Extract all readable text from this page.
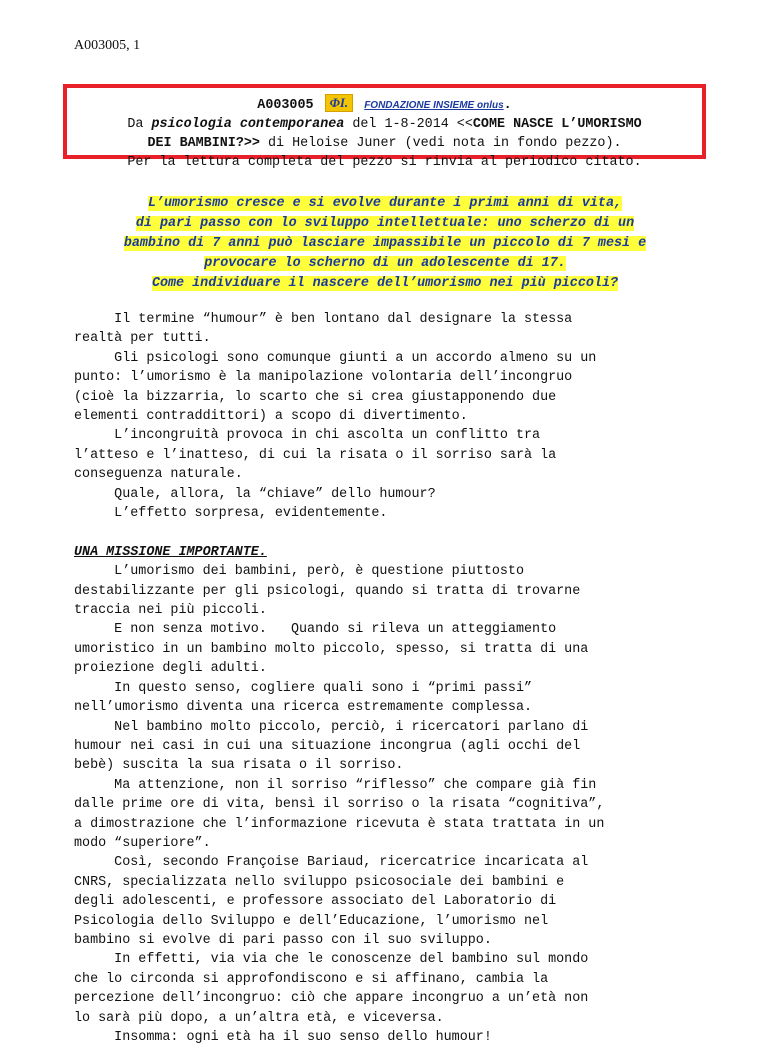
A003005, 1
A003005 ΦI. FONDAZIONE INSIEME onlus.
Da psicologia contemporanea del 1-8-2014 <<COME NASCE L’UMORISMO
DEI BAMBINI?>> di Heloise Juner (vedi nota in fondo pezzo).
Per la lettura completa del pezzo si rinvia al periodico citato.
L’umorismo cresce e si evolve durante i primi anni di vita,
di pari passo con lo sviluppo intellettuale: uno scherzo di un
bambino di 7 anni può lasciare impassibile un piccolo di 7 mesi e
provocare lo scherno di un adolescente di 17.
Come individuare il nascere dell’umorismo nei più piccoli?

Il termine “humour” è ben lontano dal designare la stessa

realtà per tutti.

Gli psicologi sono comunque giunti a un accordo almeno su un

punto: l’umorismo è la manipolazione volontaria dell’incongruo

(cioè la bizzarria, lo scarto che si crea giustapponendo due

elementi contraddittori) a scopo di divertimento.

L’incongruità provoca in chi ascolta un conflitto tra

l’atteso e l’inatteso, di cui la risata o il sorriso sarà la

conseguenza naturale.

Quale, allora, la “chiave” dello humour?

L’effetto sorpresa, evidentemente.

UNA MISSIONE IMPORTANTE.

L’umorismo dei bambini, però, è questione piuttosto

destabilizzante per gli psicologi, quando si tratta di trovarne

traccia nei più piccoli.

E non senza motivo.   Quando si rileva un atteggiamento

umoristico in un bambino molto piccolo, spesso, si tratta di una

proiezione degli adulti.

In questo senso, cogliere quali sono i “primi passi”

nell’umorismo diventa una ricerca estremamente complessa.

Nel bambino molto piccolo, perciò, i ricercatori parlano di

humour nei casi in cui una situazione incongrua (agli occhi del

bebè) suscita la sua risata o il sorriso.

Ma attenzione, non il sorriso “riflesso” che compare già fin

dalle prime ore di vita, bensì il sorriso o la risata “cognitiva”,

a dimostrazione che l’informazione ricevuta è stata trattata in un

modo “superiore”.

Così, secondo Françoise Bariaud, ricercatrice incaricata al

CNRS, specializzata nello sviluppo psicosociale dei bambini e

degli adolescenti, e professore associato del Laboratorio di

Psicologia dello Sviluppo e dell’Educazione, l’umorismo nel

bambino si evolve di pari passo con il suo sviluppo.

In effetti, via via che le conoscenze del bambino sul mondo

che lo circonda si approfondiscono e si affinano, cambia la

percezione dell’incongruo: ciò che appare incongruo a un’età non

lo sarà più dopo, a un’altra età, e viceversa.

Insomma: ogni età ha il suo senso dello humour!
